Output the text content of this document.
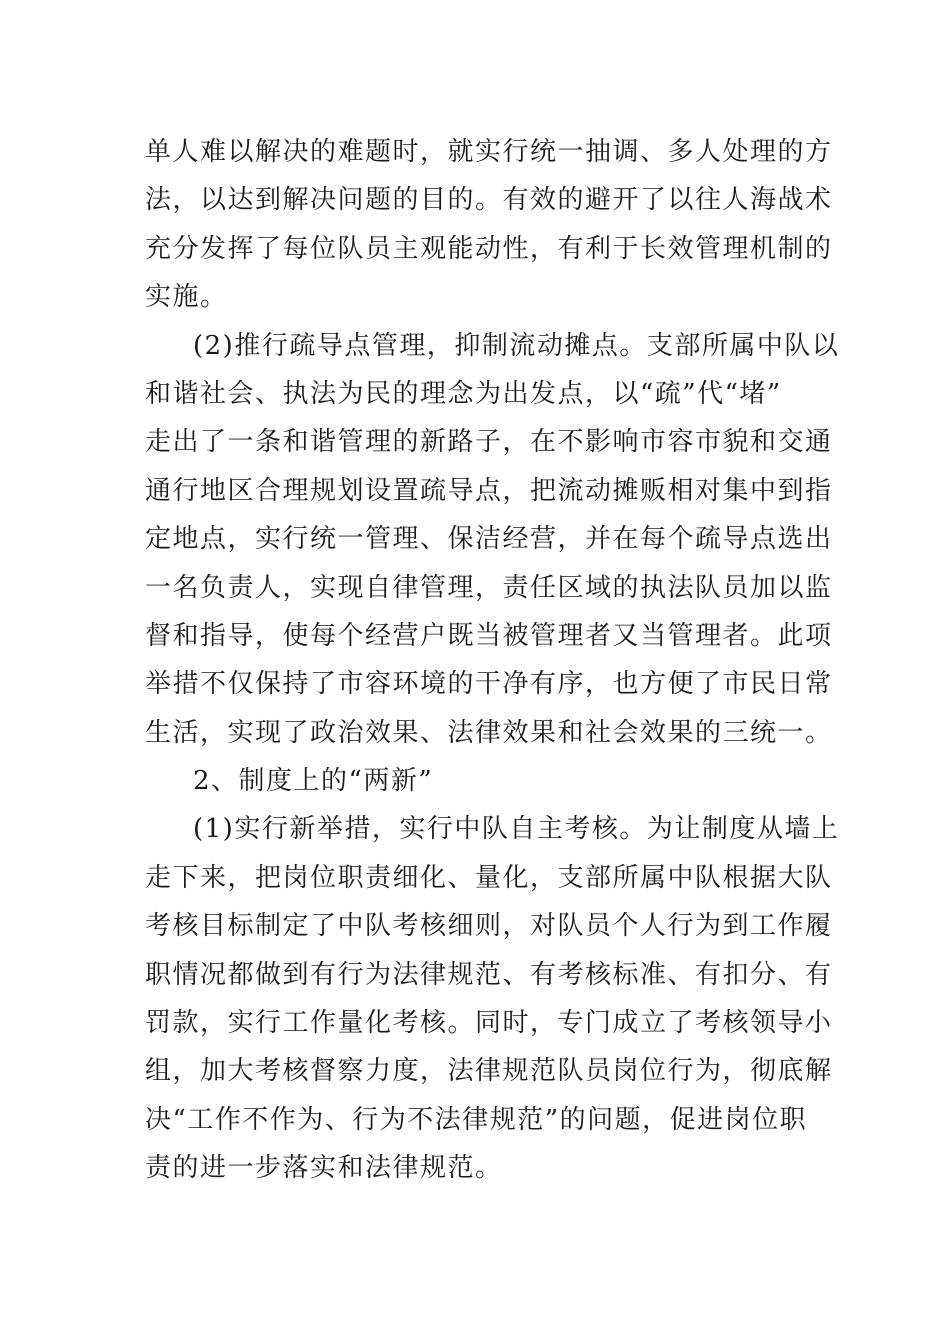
单人难以解决的难题时，就实行统一抽调、多人处理的方
法，以达到解决问题的目的。有效的避开了以往人海战术
充分发挥了每位队员主观能动性，有利于长效管理机制的
实施。
(2)推行疏导点管理，抑制流动摊点。支部所属中队以
和谐社会、执法为民的理念为出发点，以“疏”代“堵”
走出了一条和谐管理的新路子，在不影响市容市貌和交通
通行地区合理规划设置疏导点，把流动摊贩相对集中到指
定地点，实行统一管理、保洁经营，并在每个疏导点选出
一名负责人，实现自律管理，责任区域的执法队员加以监
督和指导，使每个经营户既当被管理者又当管理者。此项
举措不仅保持了市容环境的干净有序，也方便了市民日常
生活，实现了政治效果、法律效果和社会效果的三统一。
2、制度上的“两新”
(1)实行新举措，实行中队自主考核。为让制度从墙上
走下来，把岗位职责细化、量化，支部所属中队根据大队
考核目标制定了中队考核细则，对队员个人行为到工作履
职情况都做到有行为法律规范、有考核标准、有扣分、有
罚款，实行工作量化考核。同时，专门成立了考核领导小
组，加大考核督察力度，法律规范队员岗位行为，彻底解
决“工作不作为、行为不法律规范”的问题，促进岗位职
责的进一步落实和法律规范。
